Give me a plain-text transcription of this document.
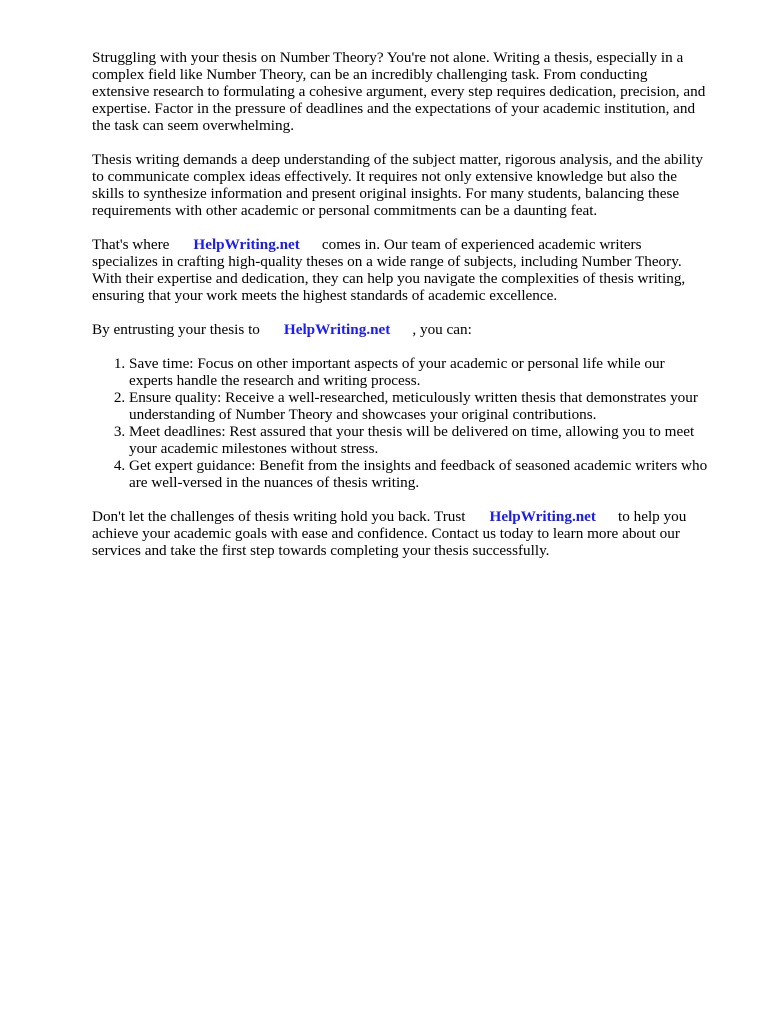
Struggling with your thesis on Number Theory? You're not alone. Writing a thesis, especially in a complex field like Number Theory, can be an incredibly challenging task. From conducting extensive research to formulating a cohesive argument, every step requires dedication, precision, and expertise. Factor in the pressure of deadlines and the expectations of your academic institution, and the task can seem overwhelming.

Thesis writing demands a deep understanding of the subject matter, rigorous analysis, and the ability to communicate complex ideas effectively. It requires not only extensive knowledge but also the skills to synthesize information and present original insights. For many students, balancing these requirements with other academic or personal commitments can be a daunting feat.

That's where HelpWriting.net comes in. Our team of experienced academic writers specializes in crafting high-quality theses on a wide range of subjects, including Number Theory. With their expertise and dedication, they can help you navigate the complexities of thesis writing, ensuring that your work meets the highest standards of academic excellence.

By entrusting your thesis to HelpWriting.net , you can:

1. Save time: Focus on other important aspects of your academic or personal life while our experts handle the research and writing process.
2. Ensure quality: Receive a well-researched, meticulously written thesis that demonstrates your understanding of Number Theory and showcases your original contributions.
3. Meet deadlines: Rest assured that your thesis will be delivered on time, allowing you to meet your academic milestones without stress.
4. Get expert guidance: Benefit from the insights and feedback of seasoned academic writers who are well-versed in the nuances of thesis writing.

Don't let the challenges of thesis writing hold you back. Trust HelpWriting.net to help you achieve your academic goals with ease and confidence. Contact us today to learn more about our services and take the first step towards completing your thesis successfully.
